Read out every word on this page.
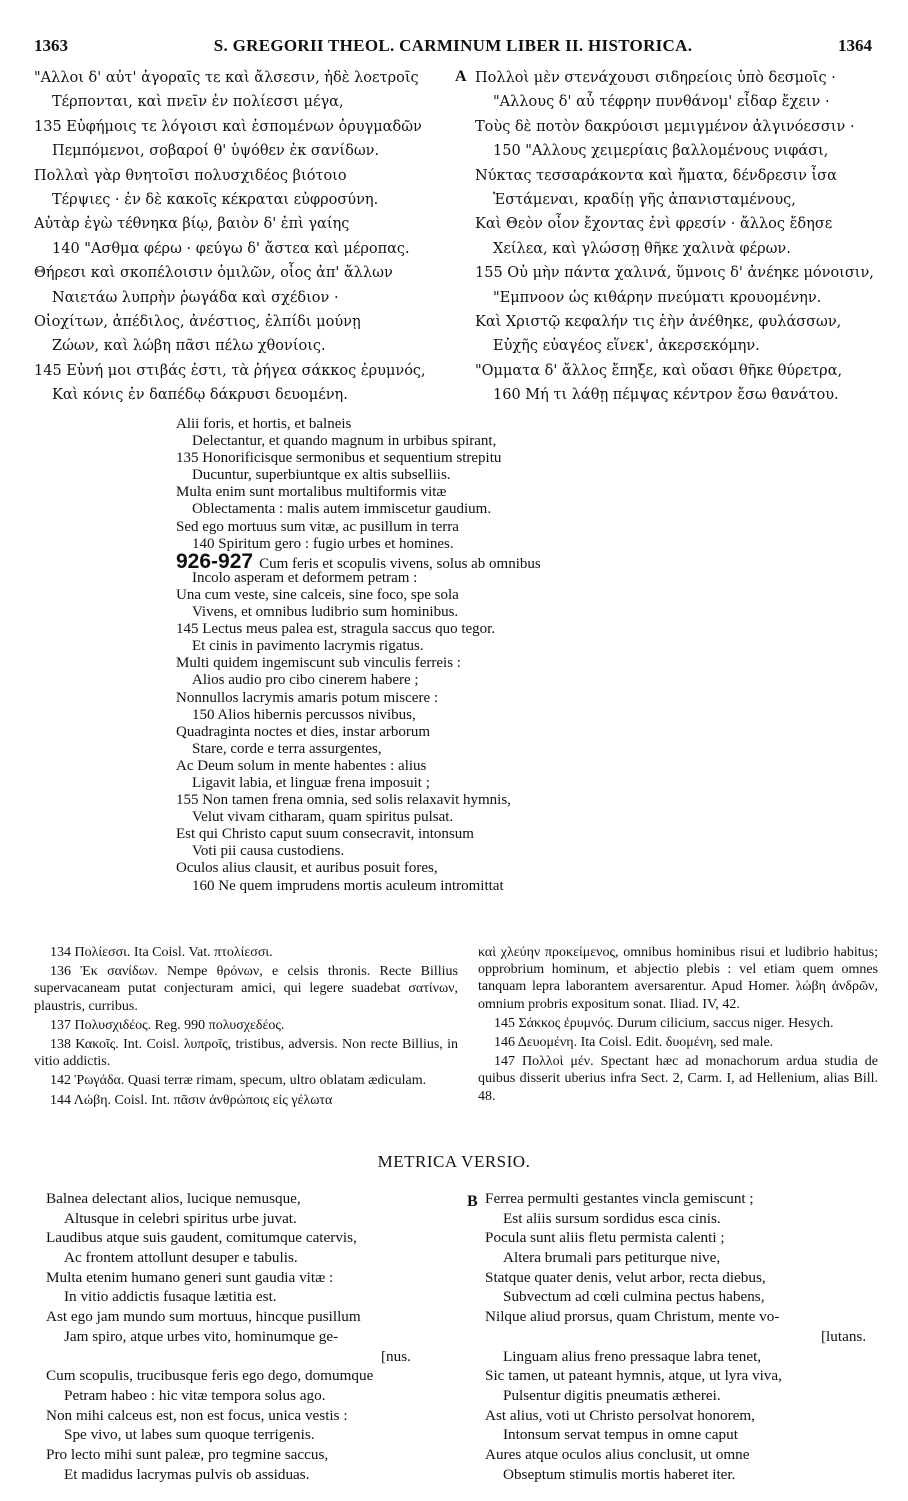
1363	S. GREGORII THEOL. CARMINUM LIBER II. HISTORICA.	1364
"Αλλοι δ' αὐτ' ἀγοραῖς τε καὶ ἄλσεσιν, ἠδὲ λοετροῖς
Τέρπονται, καὶ πνεῖν ἐν πολίεσσι μέγα,
135 Εὐφήμοις τε λόγοισι καὶ ἑσπομένων ὀρυγμαδῶν
Πεμπόμενοι, σοβαροί θ' ὑψόθεν ἐκ σανίδων.
Πολλαὶ γὰρ θνητοῖσι πολυσχιδέος βιότοιο
Τέρψιες · ἐν δὲ κακοῖς κέκραται εὐφροσύνη.
Αὐτὰρ ἐγὼ τέθνηκα βίῳ, βαιὸν δ' ἐπὶ γαίης
140 "Ασθμα φέρω · φεύγω δ' ἄστεα καὶ μέροπας.
Θήρεσι καὶ σκοπέλοισιν ὁμιλῶν, οἷος ἀπ' ἄλλων
Ναιετάω λυπρὴν ῥωγάδα καὶ σχέδιον ·
Οἰοχίτων, ἀπέδιλος, ἀνέστιος, ἐλπίδι μούνῃ
Ζώων, καὶ λώβη πᾶσι πέλω χθονίοις.
145 Εὐνή μοι στιβάς ἐστι, τὰ ῥήγεα σάκκος ἐρυμνός,
Καὶ κόνις ἐν δαπέδῳ δάκρυσι δευομένη.
A Πολλοὶ μὲν στενάχουσι σιδηρείοις ὑπὸ δεσμοῖς ·
"Αλλους δ' αὖ τέφρην πυνθάνομ' εἶδαρ ἔχειν ·
Τοὺς δὲ ποτὸν δακρύοισι μεμιγμένον ἀλγινόεσσιν ·
150 "Αλλους χειμερίαις βαλλομένους νιφάσι,
Νύκτας τεσσαράκοντα καὶ ἤματα, δένδρεσιν ἶσα
Ἑστάμεναι, κραδίῃ γῆς ἀπανισταμένους,
Καὶ Θεὸν οἶον ἔχοντας ἐνὶ φρεσίν · ἄλλος ἔδησε
Χείλεα, καὶ γλώσσῃ θῆκε χαλινὰ φέρων.
155 Οὐ μὴν πάντα χαλινά, ὕμνοις δ' ἀνέηκε μόνοισιν,
"Εμπνοον ὡς κιθάρην πνεύματι κρουομένην.
Καὶ Χριστῷ κεφαλήν τις ἑὴν ἀνέθηκε, φυλάσσων,
Εὐχῆς εὐαγέος εἵνεκ', ἀκερσεκόμην.
"Ομματα δ' ἄλλος ἔπηξε, καὶ οὔασι θῆκε θύρετρα,
160 Μή τι λάθῃ πέμψας κέντρον ἔσω θανάτου.
Alii foris, et hortis, et balneis
Delectantur, et quando magnum in urbibus spirant,
135 Honorificisque sermonibus et sequentium strepitu
Ducuntur, superbiuntque ex altis subselliis.
Multa enim sunt mortalibus multiformis vitæ
Oblectamenta : malis autem immiscetur gaudium.
Sed ego mortuus sum vitæ, ac pusillum in terra
140 Spiritum gero : fugio urbes et homines.
926-927 Cum feris et scopulis vivens, solus ab omnibus
Incolo asperam et deformem petram :
Una cum veste, sine calceis, sine foco, spe sola
Vivens, et omnibus ludibrio sum hominibus.
145 Lectus meus palea est, stragula saccus quo tegor.
Et cinis in pavimento lacrymis rigatus.
Multi quidem ingemiscunt sub vinculis ferreis :
Alios audio pro cibo cinerem habere ;
Nonnullos lacrymis amaris potum miscere :
150 Alios hibernis percussos nivibus,
Quadraginta noctes et dies, instar arborum
Stare, corde e terra assurgentes,
Ac Deum solum in mente habentes : alius
Ligavit labia, et linguæ frena imposuit ;
155 Non tamen frena omnia, sed solis relaxavit hymnis,
Velut vivam citharam, quam spiritus pulsat.
Est qui Christo caput suum consecravit, intonsum
Voti pii causa custodiens.
Oculos alius clausit, et auribus posuit fores,
160 Ne quem imprudens mortis aculeum intromittat

134 Πολίεσσι. Ita Coisl. Vat. πτολίεσσι.

136 Ἐκ σανίδων. Nempe θρόνων, e celsis thronis. Recte Billius supervacaneam putat conjecturam amici, qui legere suadebat σατίνων, plaustris, curribus.

137 Πολυσχιδέος. Reg. 990 πολυσχεδέος.

138 Κακοῖς. Int. Coisl. λυπροῖς, tristibus, adversis. Non recte Billius, in vitio addictis.

142 Ῥωγάδα. Quasi terræ rimam, specum, ultro oblatam ædiculam.

144 Λώβη. Coisl. Int. πᾶσιν ἀνθρώποις εἰς γέλωτα

καὶ χλεύην προκείμενος, omnibus hominibus risui et ludibrio habitus; opprobrium hominum, et abjectio plebis : vel etiam quem omnes tanquam lepra laborantem aversarentur. Apud Homer. λώβη ἀνδρῶν, omnium probris expositum sonat. Iliad. IV, 42.

145 Σάκκος ἐρυμνός. Durum cilicium, saccus niger. Hesych.

146 Δευομένη. Ita Coisl. Edit. δυομένη, sed male.

147 Πολλοὶ μέν. Spectant hæc ad monachorum ardua studia de quibus disserit uberius infra Sect. 2, Carm. I, ad Hellenium, alias Bill. 48.

METRICA VERSIO.
Balnea delectant alios, lucique nemusque,
Altusque in celebri spiritus urbe juvat.
Laudibus atque suis gaudent, comitumque catervis,
Ac frontem attollunt desuper e tabulis.
Multa etenim humano generi sunt gaudia vitæ :
In vitio addictis fusaque lætitia est.
Ast ego jam mundo sum mortuus, hincque pusillum
Jam spiro, atque urbes vito, hominumque ge-
[nus.
Cum scopulis, trucibusque feris ego dego, domumque
Petram habeo : hic vitæ tempora solus ago.
Non mihi calceus est, non est focus, unica vestis :
Spe vivo, ut labes sum quoque terrigenis.
Pro lecto mihi sunt paleæ, pro tegmine saccus,
Et madidus lacrymas pulvis ob assiduas.
B Ferrea permulti gestantes vincla gemiscunt ;
Est aliis sursum sordidus esca cinis.
Pocula sunt aliis fletu permista calenti ;
Altera brumali pars petiturque nive,
Statque quater denis, velut arbor, recta diebus,
Subvectum ad cœli culmina pectus habens,
Nilque aliud prorsus, quam Christum, mente vo-
[lutans.
Linguam alius freno pressaque labra tenet,
Sic tamen, ut pateant hymnis, atque, ut lyra viva,
Pulsentur digitis pneumatis ætherei.
Ast alius, voti ut Christo persolvat honorem,
Intonsum servat tempus in omne caput
Aures atque oculos alius conclusit, ut omne
Obseptum stimulis mortis haberet iter.
